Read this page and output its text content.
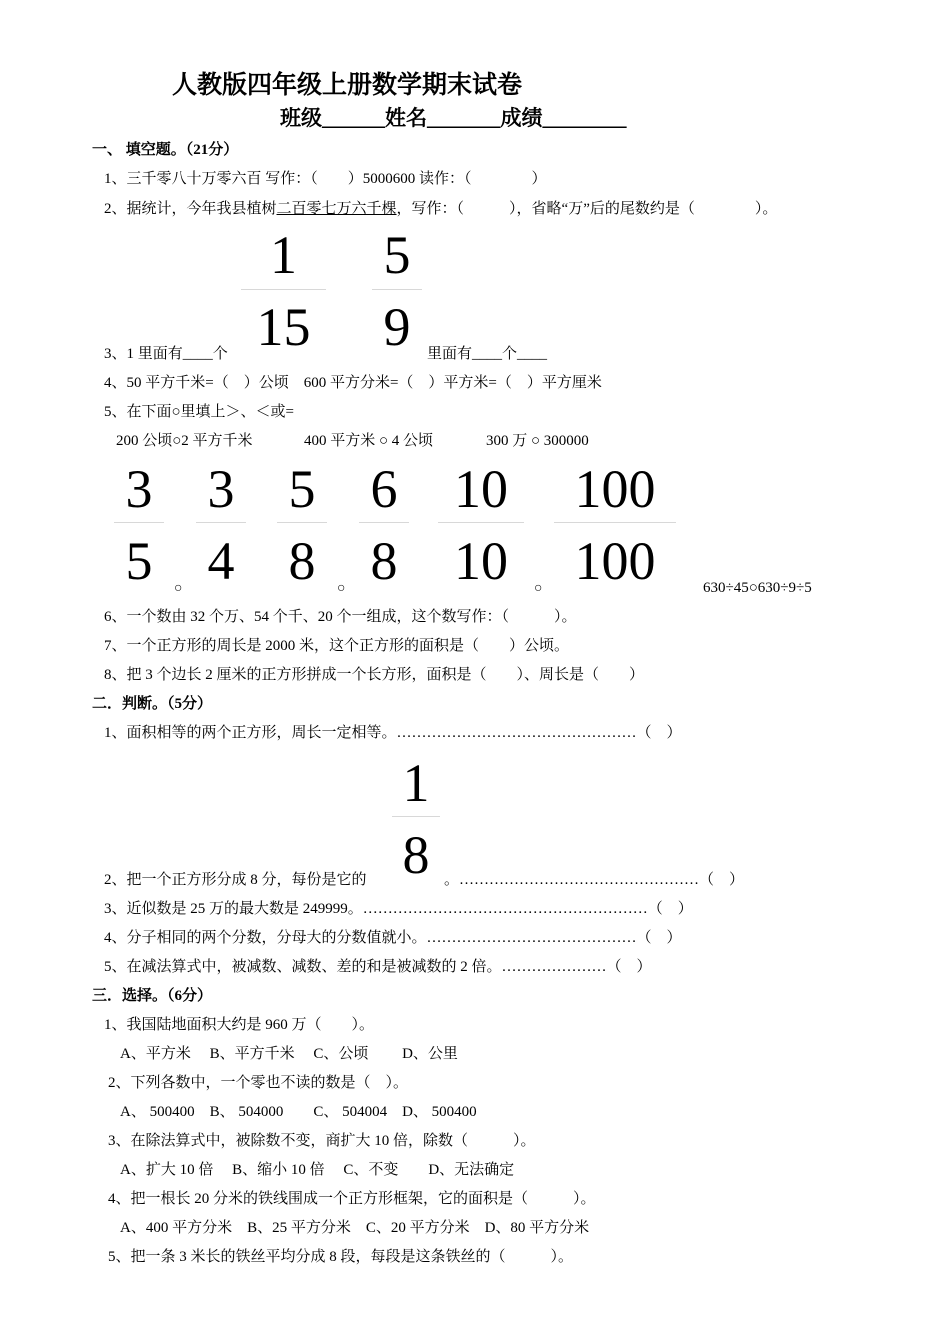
人教版四年级上册数学期末试卷
班级______姓名_______成绩________
一、 填空题。（21分）
1、三千零八十万零六百 写作：（　　）5000600 读作：（　　　　）
2、据统计，今年我县植树二百零七万六千棵，写作：（　　　），省略“万”后的尾数约是（　　　　）。
1
15
5
9
3、1 里面有____个	里面有____个____
4、50 平方千米=（　）公顷　600 平方分米=（　）平方米=（　）平方厘米
5、在下面○里填上＞、＜或=
200 公顷○2 平方千米	400 平方米 ○ 4 公顷	300 万 ○ 300000
3
5	○
3
4
5
8	○
6
8
10
10	○
100
100	630÷45○630÷9÷5
6、一个数由 32 个万、54 个千、20 个一组成，这个数写作：（　　　）。
7、一个正方形的周长是 2000 米，这个正方形的面积是（　　）公顷。
8、把 3 个边长 2 厘米的正方形拼成一个长方形，面积是（　　）、周长是（　　）
二．判断。（5分）
1、面积相等的两个正方形，周长一定相等。…………………………………………（　）
1
8
2、把一个正方形分成 8 分，每份是它的	。…………………………………………（　）
3、近似数是 25 万的最大数是 249999。…………………………………………………（　）
4、分子相同的两个分数，分母大的分数值就小。……………………………………（　）
5、在减法算式中，被减数、减数、差的和是被减数的 2 倍。…………………（　）
三．选择。（6分）
1、我国陆地面积大约是 960 万（　　）。
A、平方米　 B、平方千米　 C、公顷　　 D、公里
2、下列各数中，一个零也不读的数是（　）。
A、 500400　B、 504000　　C、 504004　D、 500400
3、在除法算式中，被除数不变，商扩大 10 倍，除数（　　　）。
A、扩大 10 倍　 B、缩小 10 倍　 C、不变　　D、无法确定
4、把一根长 20 分米的铁线围成一个正方形框架，它的面积是（　　　）。
A、400 平方分米　B、25 平方分米　C、20 平方分米　D、80 平方分米
5、把一条 3 米长的铁丝平均分成 8 段，每段是这条铁丝的（　　　）。
